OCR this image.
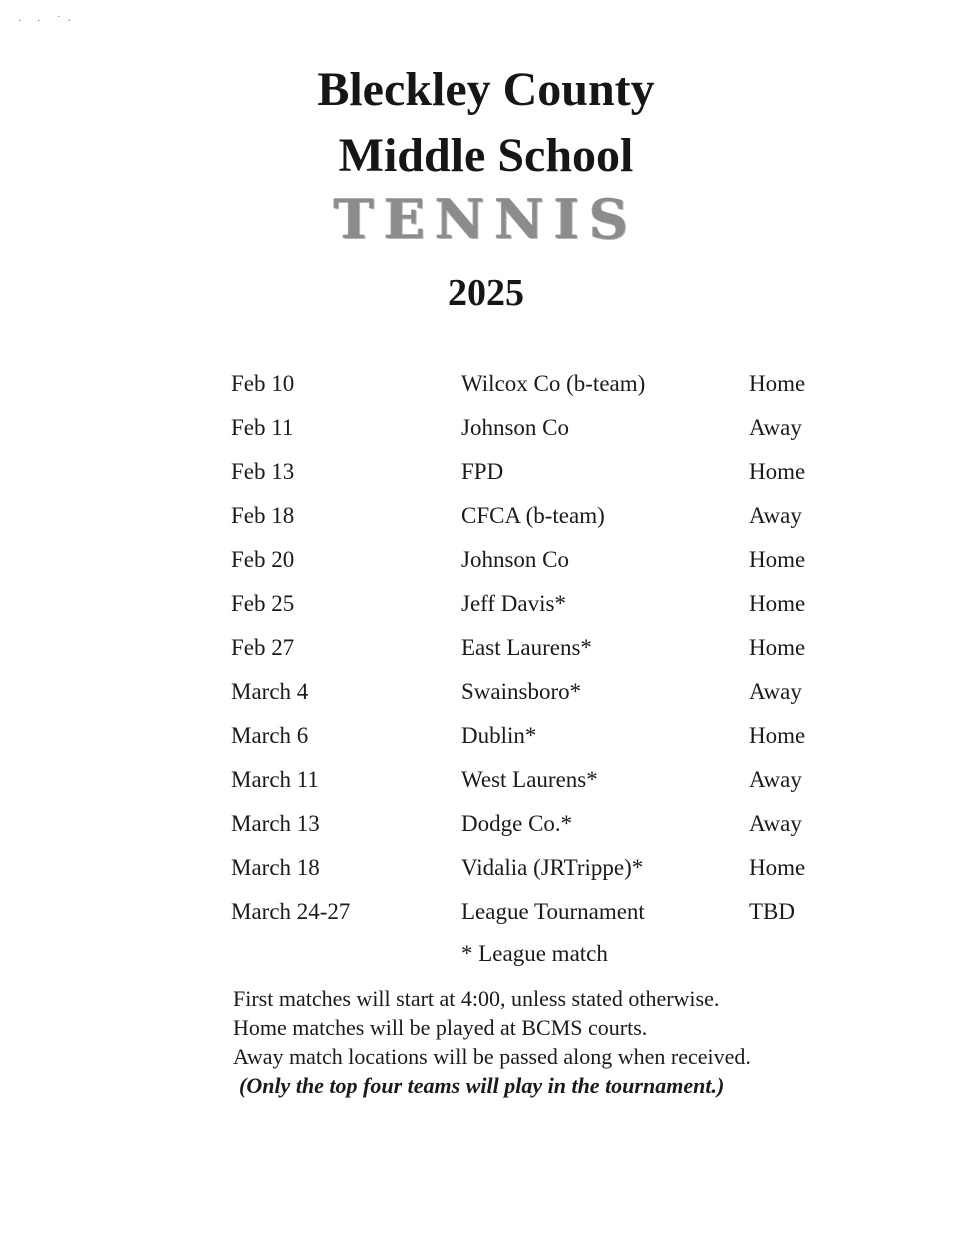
· · ˙·
Bleckley County
Middle School
TENNIS
2025
Feb 10	Wilcox Co (b-team)	Home
Feb 11	Johnson Co	Away
Feb 13	FPD	Home
Feb 18	CFCA (b-team)	Away
Feb 20	Johnson Co	Home
Feb 25	Jeff Davis*	Home
Feb 27	East Laurens*	Home
March 4	Swainsboro*	Away
March 6	Dublin*	Home
March 11	West Laurens*	Away
March 13	Dodge Co.*	Away
March 18	Vidalia (JRTrippe)*	Home
March 24-27	League Tournament	TBD
* League match
First matches will start at 4:00, unless stated otherwise.
Home matches will be played at BCMS courts.
Away match locations will be passed along when received.
(Only the top four teams will play in the tournament.)
